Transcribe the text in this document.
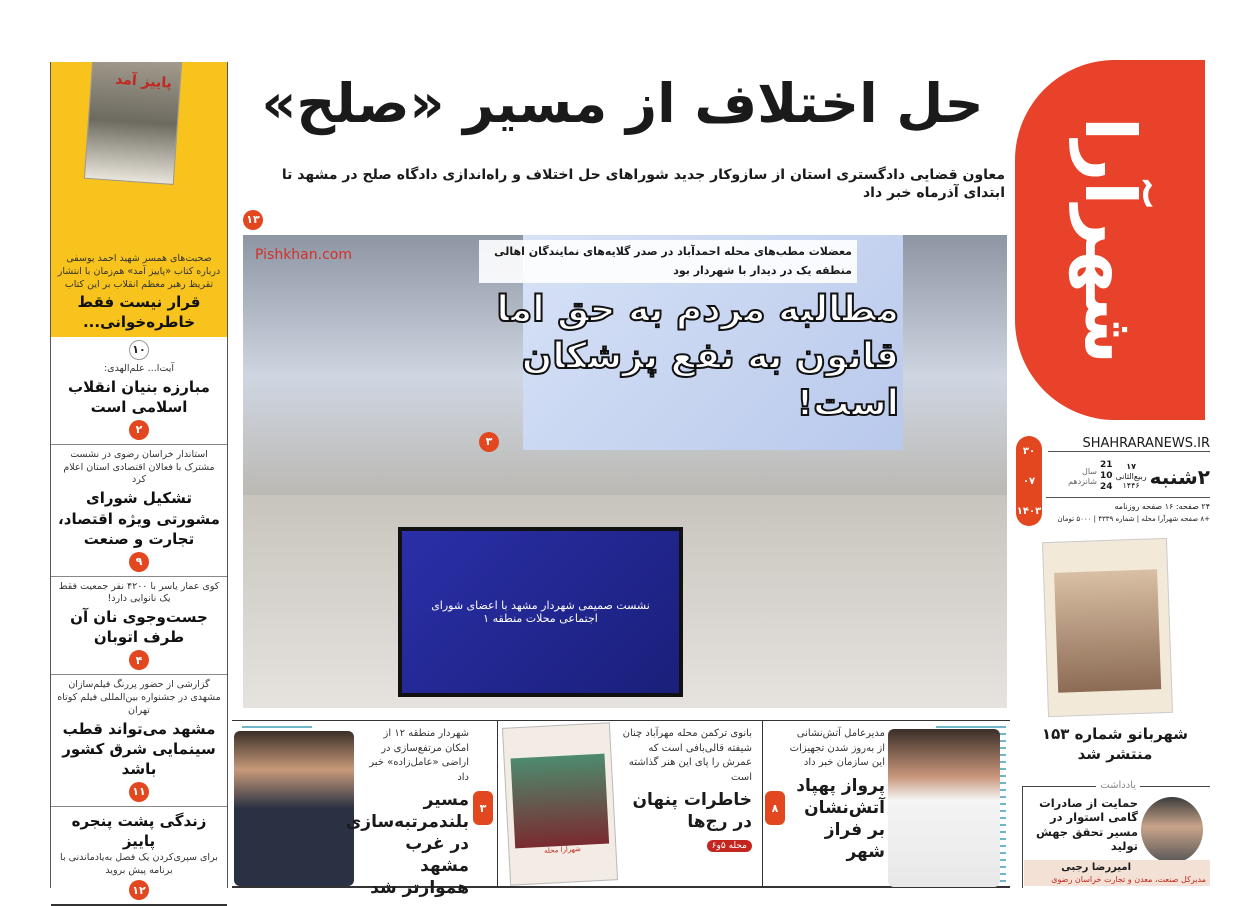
پاییز آمد
صحبت‌های همسر شهید احمد یوسفی درباره کتاب «پاییز آمد» هم‌زمان با انتشار تقریظ رهبر معظم انقلاب بر این کتاب
قرار نیست فقط خاطره‌خوانی...
۱۰
آیت‌ا... علم‌الهدی:
مبارزه بنیان انقلاب اسلامی است
۲
استاندار خراسان رضوی در نشست مشترک با فعالان اقتصادی استان اعلام کرد
تشکیل شورای مشورتی ویژه اقتصاد، تجارت و صنعت
۹
کوی عمار یاسر با ۴۲۰۰ نفر جمعیت فقط یک نانوایی دارد!
جست‌وجوی نان آن طرف اتوبان
۴
گزارشی از حضور پررنگ فیلم‌سازان مشهدی در جشنواره بین‌المللی فیلم کوتاه تهران
مشهد می‌تواند قطب سینمایی شرق کشور باشد
۱۱
زندگی پشت پنجره پاییز
برای سپری‌کردن یک فصل به‌یادماندنی با برنامه پیش بروید
۱۲
حل اختلاف از مسیر «صلح»
معاون قضایی دادگستری استان از سازوکار جدید شوراهای حل اختلاف و راه‌اندازی دادگاه صلح در مشهد تا ابتدای آذرماه خبر داد
۱۳
نشست صمیمی شهردار مشهد با اعضای شورای اجتماعی محلات منطقه ۱
Pishkhan.com	معضلات مطب‌های محله احمدآباد در صدر گلایه‌های نمایندگان اهالی منطقه یک در دیدار با شهردار بود
مطالبه مردم به حق اما قانون به نفع پزشکان است!
۳
شهرآرا
SHAHRARANEWS.IR
۳۰
۰۷
۱۴۰۳
۲شنبه
۱۷
ربیع‌الثانی
۱۴۴۶
21
10
24
سال
شانزدهم
۲۴ صفحه: ۱۶ صفحه روزنامه
+۸ صفحه شهرآرا محله | شماره ۴۳۳۹ | ۵۰۰۰ تومان
شهربانو شماره ۱۵۳ منتشر شد
یادداشت
حمایت از صادرات گامی استوار در مسیر تحقق جهش تولید
امیررضا رجبی
مدیرکل صنعت، معدن و تجارت خراسان رضوی
شهردار منطقه ۱۲ از امکان مرتفع‌سازی در اراضی «عامل‌زاده» خبر داد
مسیر بلندمرتبه‌سازی در غرب مشهد هموارتر شد
۳
شهرآرا محله
بانوی ترکمن محله مهرآباد چنان شیفته قالی‌بافی است که عمرش را پای این هنر گذاشته است
خاطرات پنهان در رج‌ها
محله ۵و۶
مدیرعامل آتش‌نشانی از به‌روز شدن تجهیزات این سازمان خبر داد
پرواز پهپاد آتش‌نشان بر فراز شهر
۸
